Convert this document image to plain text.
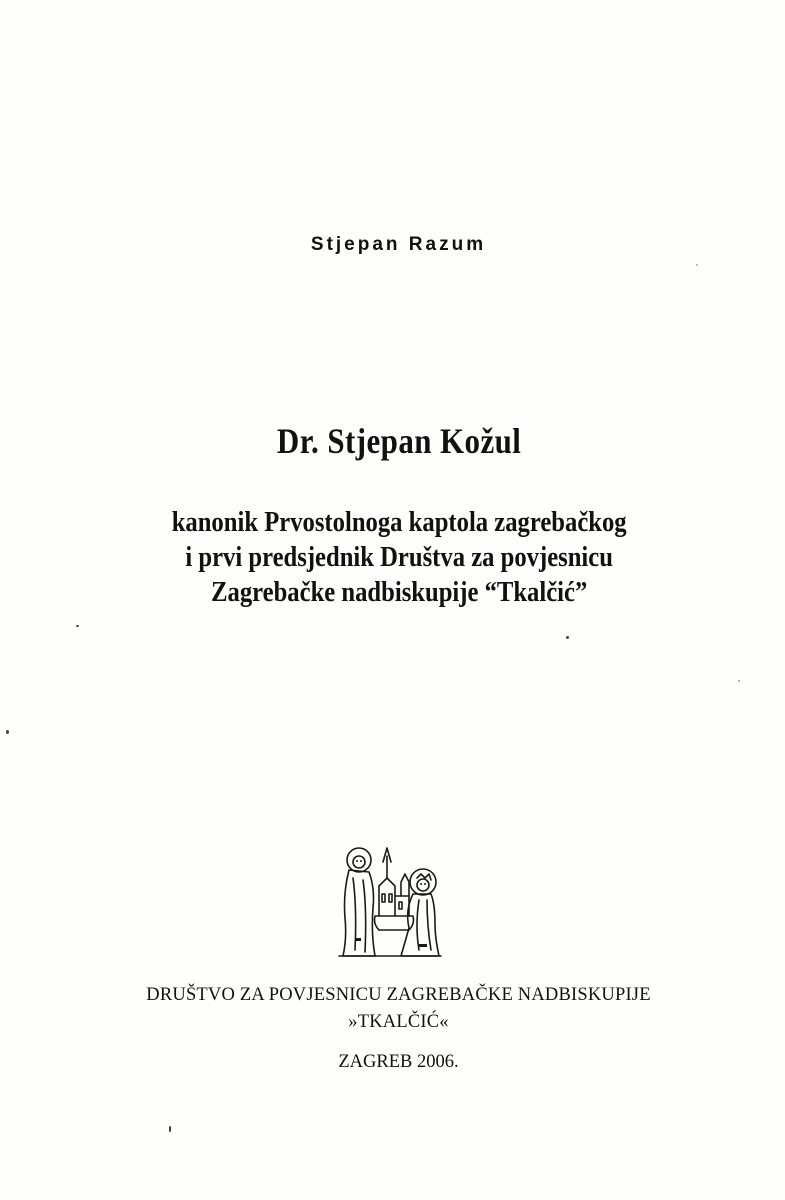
Stjepan Razum
Dr. Stjepan Kožul
kanonik Prvostolnoga kaptola zagrebačkog
i prvi predsjednik Društva za povjesnicu
Zagrebačke nadbiskupije “Tkalčić”
DRUŠTVO ZA POVJESNICU ZAGREBAČKE NADBISKUPIJE
»TKALČIĆ«
ZAGREB 2006.
